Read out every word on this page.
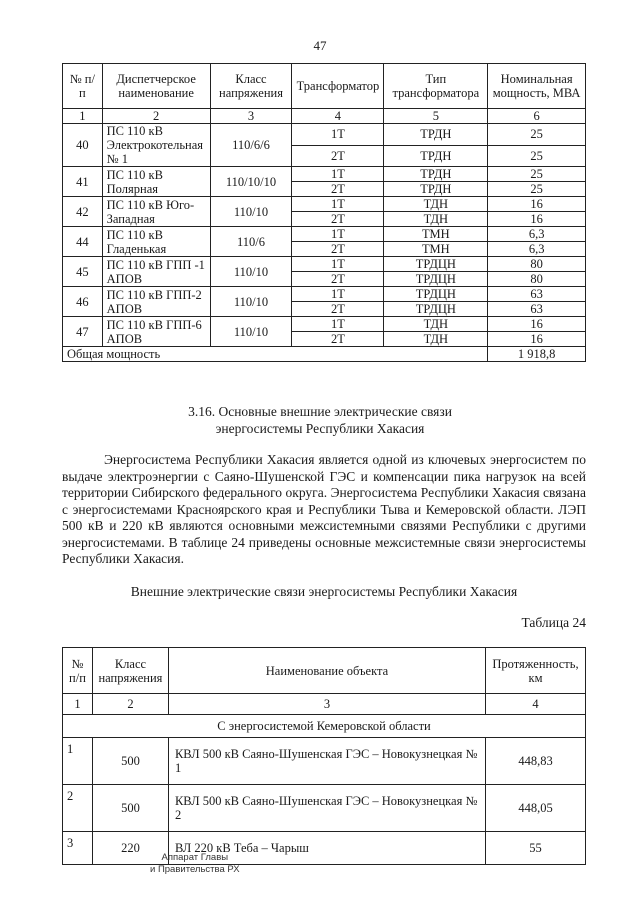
47
№ п/п	Диспетчерское наименование	Класс напряжения	Трансформатор	Тип трансформатора	Номинальная мощность, МВА
1	2	3	4	5	6
40	ПС 110 кВ Электрокотельная № 1	110/6/6	1Т	ТРДН	25
			2Т	ТРДН	25
41	ПС 110 кВ Полярная	110/10/10	1Т	ТРДН	25
			2Т	ТРДН	25
42	ПС 110 кВ Юго-Западная	110/10	1Т	ТДН	16
			2Т	ТДН	16
44	ПС 110 кВ Гладенькая	110/6	1Т	ТМН	6,3
			2Т	ТМН	6,3
45	ПС 110 кВ ГПП -1 АПОВ	110/10	1Т	ТРДЦН	80
			2Т	ТРДЦН	80
46	ПС 110 кВ ГПП-2 АПОВ	110/10	1Т	ТРДЦН	63
			2Т	ТРДЦН	63
47	ПС 110 кВ ГПП-6 АПОВ	110/10	1Т	ТДН	16
			2Т	ТДН	16
Общая мощность					1 918,8
3.16. Основные внешние электрические связи
энергосистемы Республики Хакасия

Энергосистема Республики Хакасия является одной из ключевых энергосистем по выдаче электроэнергии с Саяно-Шушенской ГЭС и компенсации пика нагрузок на всей территории Сибирского федерального округа. Энергосистема Республики Хакасия связана с энергосистемами Красноярского края и Республики Тыва и Кемеровской области. ЛЭП 500 кВ и 220 кВ являются основными межсистемными связями Республики с другими энергосистемами. В таблице 24 приведены основные межсистемные связи энергосистемы Республики Хакасия.

Внешние электрические связи энергосистемы Республики Хакасия
Таблица 24
№ п/п	Класс напряжения	Наименование объекта	Протяженность, км
1	2	3	4
С энергосистемой Кемеровской области			
1	500	КВЛ 500 кВ Саяно-Шушенская ГЭС – Новокузнецкая № 1	448,83
2	500	КВЛ 500 кВ Саяно-Шушенская ГЭС – Новокузнецкая № 2	448,05
3	220	ВЛ 220 кВ Теба – Чарыш	55
Аппарат Главы
и Правительства РХ
